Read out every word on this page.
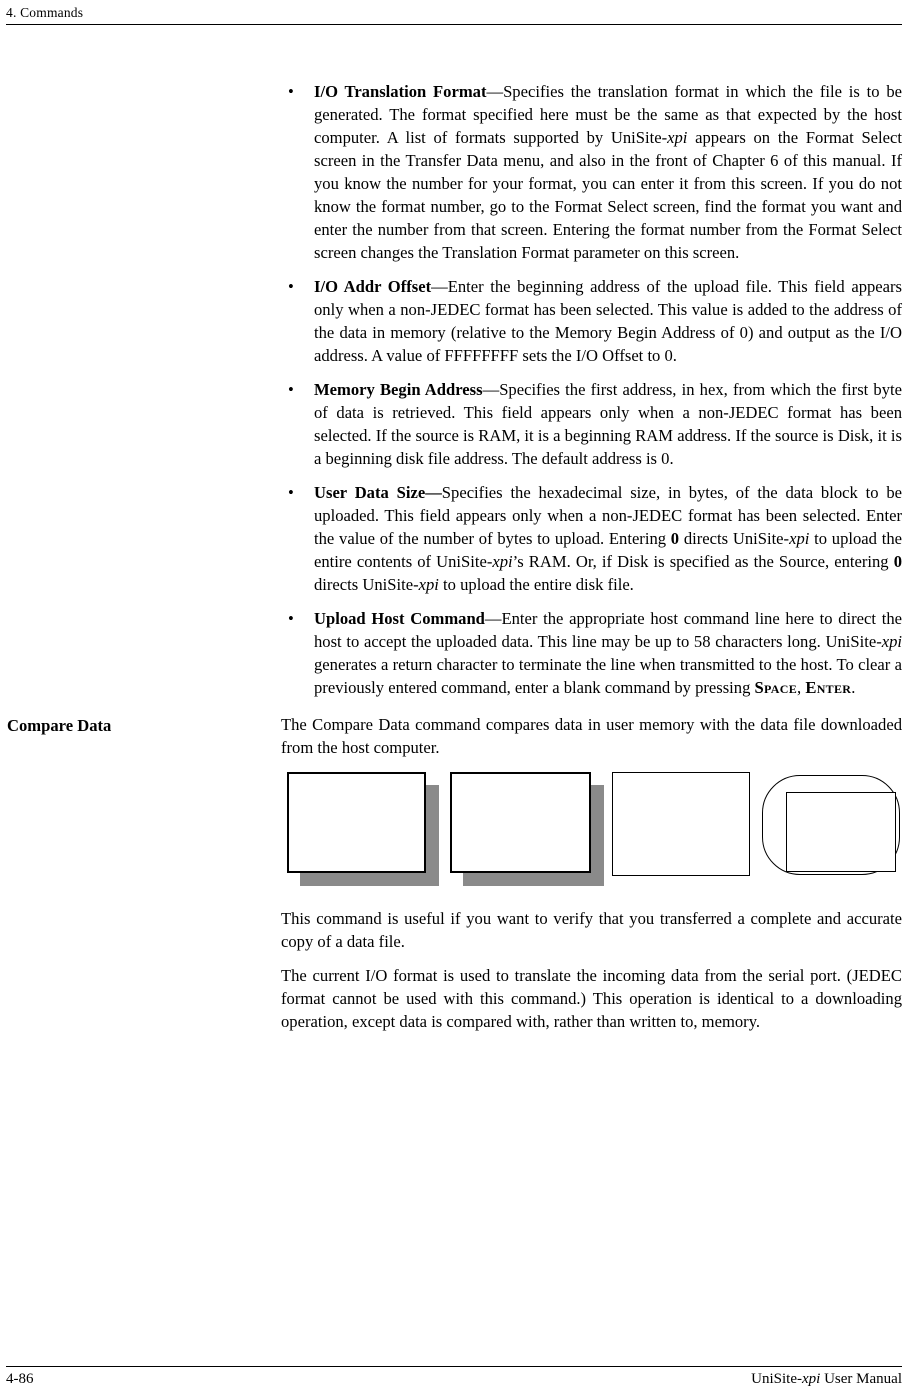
4. Commands
• I/O Translation Format—Specifies the translation format in which the file is to be generated. The format specified here must be the same as that expected by the host computer. A list of formats supported by UniSite-xpi appears on the Format Select screen in the Transfer Data menu, and also in the front of Chapter 6 of this manual. If you know the number for your format, you can enter it from this screen. If you do not know the format number, go to the Format Select screen, find the format you want and enter the number from that screen. Entering the format number from the Format Select screen changes the Translation Format parameter on this screen.

• I/O Addr Offset—Enter the beginning address of the upload file. This field appears only when a non-JEDEC format has been selected. This value is added to the address of the data in memory (relative to the Memory Begin Address of 0) and output as the I/O address. A value of FFFFFFFF sets the I/O Offset to 0.

• Memory Begin Address—Specifies the first address, in hex, from which the first byte of data is retrieved. This field appears only when a non-JEDEC format has been selected. If the source is RAM, it is a beginning RAM address. If the source is Disk, it is a beginning disk file address. The default address is 0.

• User Data Size—Specifies the hexadecimal size, in bytes, of the data block to be uploaded. This field appears only when a non-JEDEC format has been selected. Enter the value of the number of bytes to upload. Entering 0 directs UniSite-xpi to upload the entire contents of UniSite-xpi’s RAM. Or, if Disk is specified as the Source, entering 0 directs UniSite-xpi to upload the entire disk file.

• Upload Host Command—Enter the appropriate host command line here to direct the host to accept the uploaded data. This line may be up to 58 characters long. UniSite-xpi generates a return character to terminate the line when transmitted to the host. To clear a previously entered command, enter a blank command by pressing Space, Enter.

Compare Data	The Compare Data command compares data in user memory with the data file downloaded from the host computer.

This command is useful if you want to verify that you transferred a complete and accurate copy of a data file.

The current I/O format is used to translate the incoming data from the serial port. (JEDEC format cannot be used with this command.) This operation is identical to a downloading operation, except data is compared with, rather than written to, memory.

4-86	UniSite-xpi User Manual
